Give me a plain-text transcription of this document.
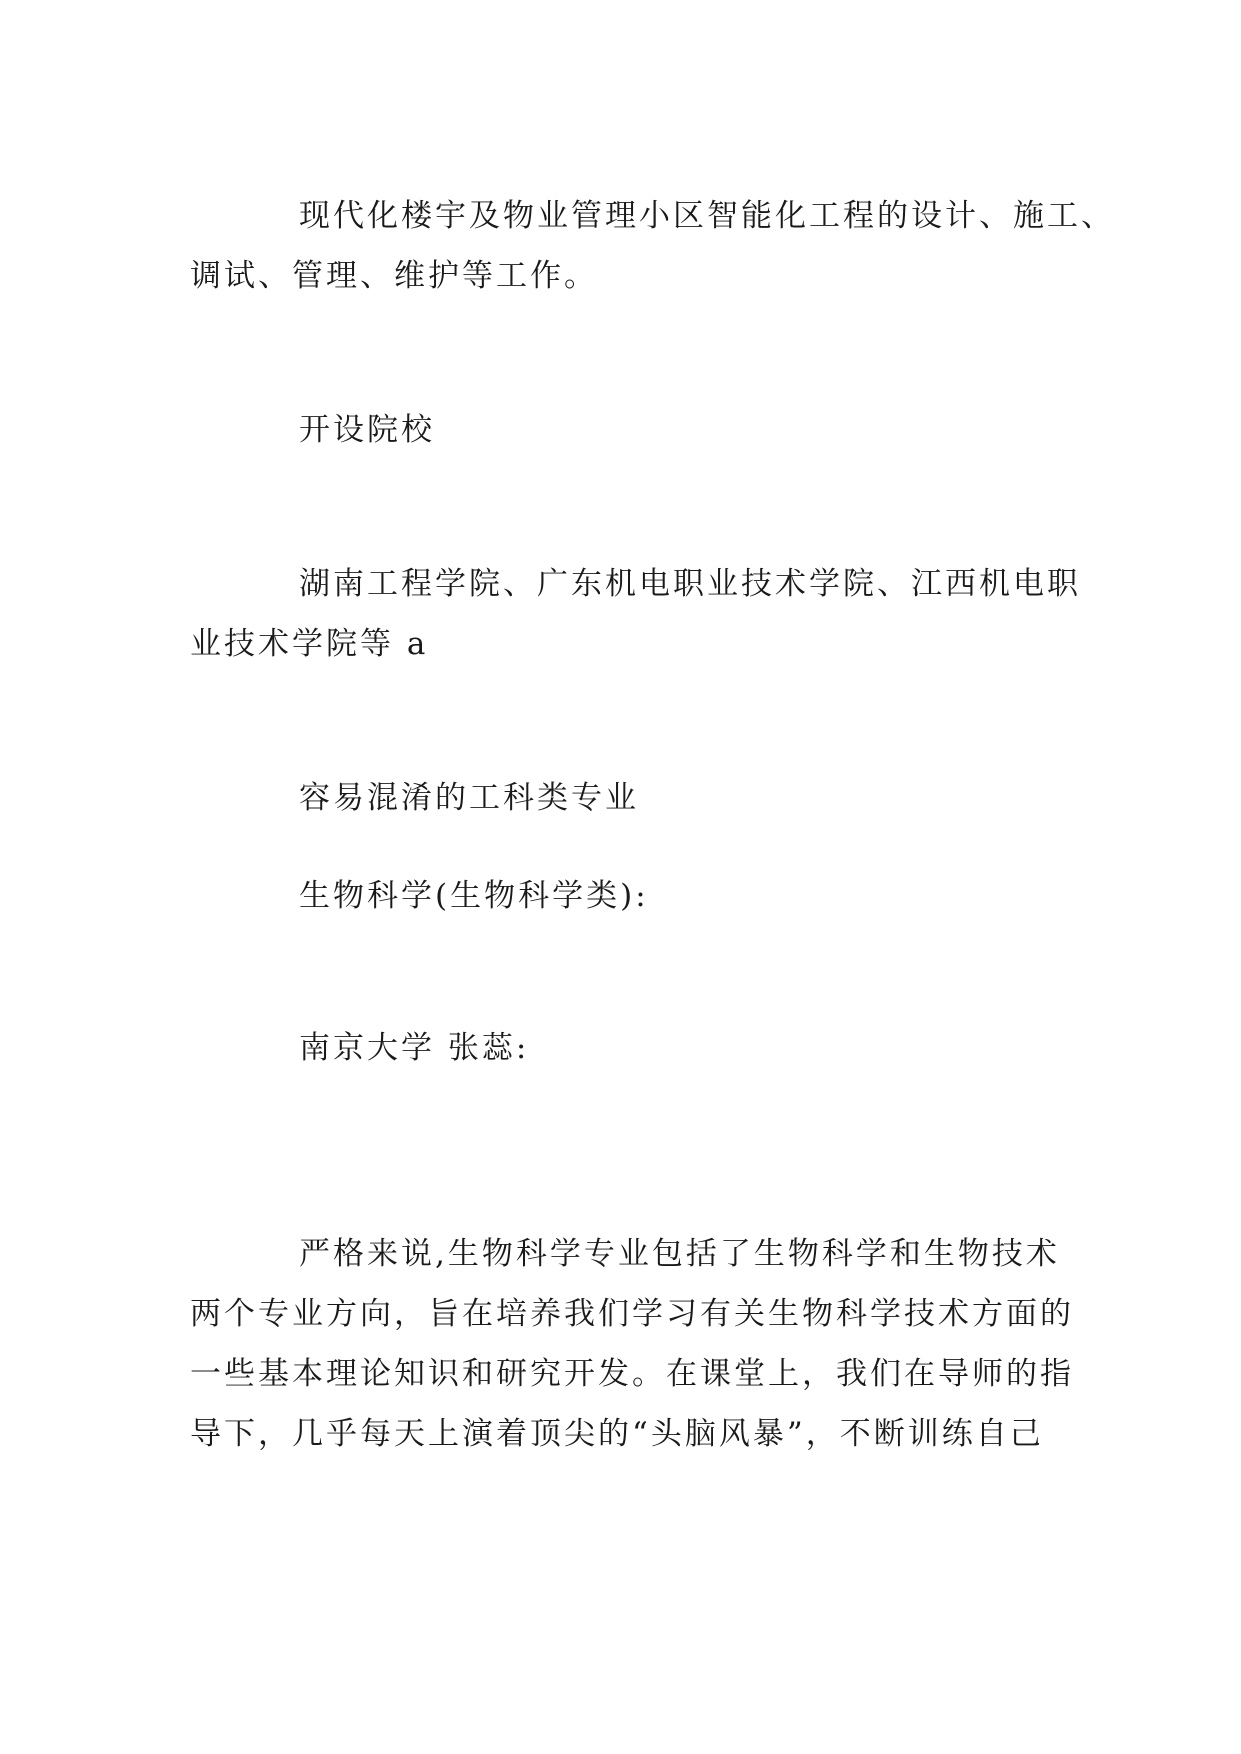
现代化楼宇及物业管理小区智能化工程的设计、施工、
调试、管理、维护等工作。

开设院校

湖南工程学院、广东机电职业技术学院、江西机电职
业技术学院等 a

容易混淆的工科类专业

生物科学(生物科学类):

南京大学 张蕊:

严格来说,生物科学专业包括了生物科学和生物技术
两个专业方向，旨在培养我们学习有关生物科学技术方面的
一些基本理论知识和研究开发。在课堂上，我们在导师的指
导下，几乎每天上演着顶尖的“头脑风暴”，不断训练自己
